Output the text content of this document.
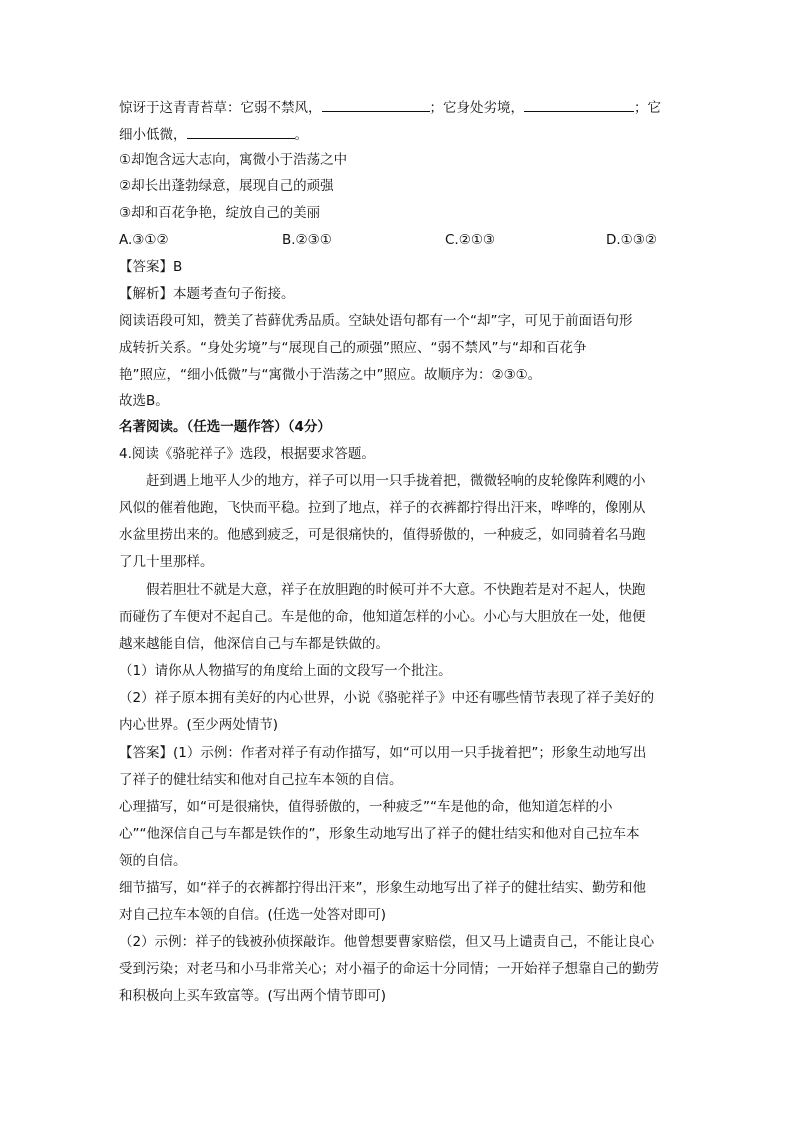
惊讶于这青青苔草：它弱不禁风，	；它身处劣境，	；它
细小低微，	。
①却饱含远大志向，寓微小于浩荡之中
②却长出蓬勃绿意，展现自己的顽强
③却和百花争艳，绽放自己的美丽
A.③①②	B.②③①	C.②①③	D.①③②
【答案】B
【解析】本题考查句子衔接。
阅读语段可知，赞美了苔藓优秀品质。空缺处语句都有一个“却”字，可见于前面语句形
成转折关系。“身处劣境”与“展现自己的顽强”照应、“弱不禁风”与“却和百花争
艳”照应，“细小低微”与“寓微小于浩荡之中”照应。故顺序为：②③①。
故选B。
名著阅读。（任选一题作答）（4分）
4.阅读《骆驼祥子》选段，根据要求答题。
赶到遇上地平人少的地方，祥子可以用一只手拢着把，微微轻响的皮轮像阵利飕的小
风似的催着他跑，飞快而平稳。拉到了地点，祥子的衣裤都拧得出汗来，哗哗的，像刚从
水盆里捞出来的。他感到疲乏，可是很痛快的，值得骄傲的，一种疲乏，如同骑着名马跑
了几十里那样。
假若胆壮不就是大意，祥子在放胆跑的时候可并不大意。不快跑若是对不起人，快跑
而碰伤了车便对不起自己。车是他的命，他知道怎样的小心。小心与大胆放在一处，他便
越来越能自信，他深信自己与车都是铁做的。
（1）请你从人物描写的角度给上面的文段写一个批注。
（2）祥子原本拥有美好的内心世界，小说《骆驼祥子》中还有哪些情节表现了祥子美好的
内心世界。(至少两处情节)
【答案】(1）示例：作者对祥子有动作描写，如“可以用一只手拢着把”；形象生动地写出
了祥子的健壮结实和他对自己拉车本领的自信。
心理描写，如“可是很痛快，值得骄傲的，一种疲乏”“车是他的命，他知道怎样的小
心”“他深信自己与车都是铁作的”，形象生动地写出了祥子的健壮结实和他对自己拉车本
领的自信。
细节描写，如“祥子的衣裤都拧得出汗来”，形象生动地写出了祥子的健壮结实、勤劳和他
对自己拉车本领的自信。(任选一处答对即可)
（2）示例：祥子的钱被孙侦探敲诈。他曾想要曹家赔偿，但又马上谴责自己，不能让良心
受到污染；对老马和小马非常关心；对小福子的命运十分同情；一开始祥子想靠自己的勤劳
和积极向上买车致富等。(写出两个情节即可)
